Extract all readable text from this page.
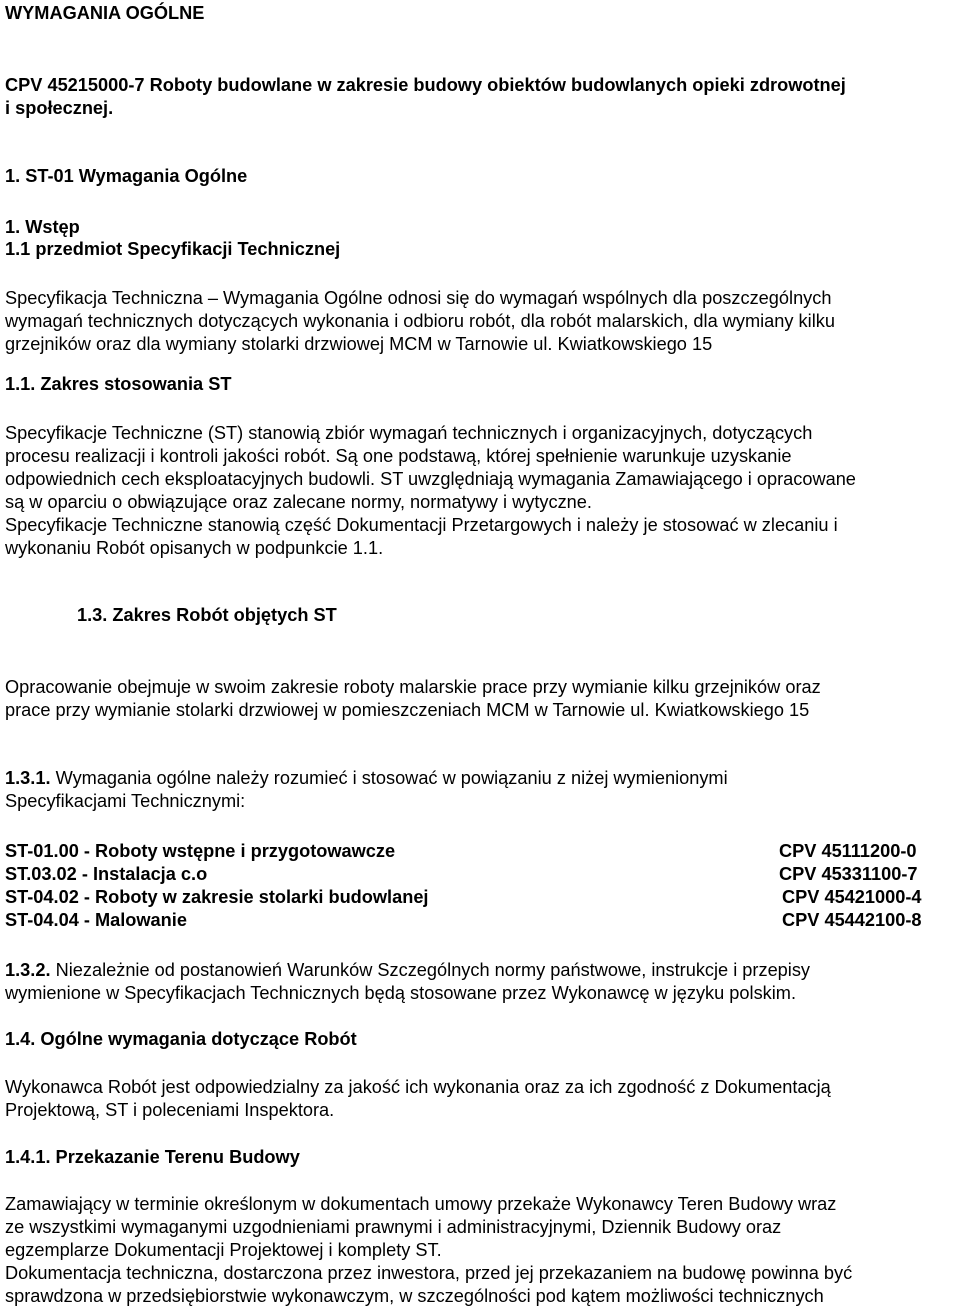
WYMAGANIA OGÓLNE

CPV 45215000-7 Roboty budowlane w zakresie budowy obiektów budowlanych opieki zdrowotnej

i społecznej.

1. ST-01 Wymagania Ogólne

1. Wstęp

1.1 przedmiot Specyfikacji Technicznej

Specyfikacja Techniczna – Wymagania Ogólne odnosi się do wymagań wspólnych dla poszczególnych

wymagań technicznych dotyczących wykonania i odbioru robót, dla robót malarskich, dla wymiany kilku

grzejników oraz dla wymiany stolarki drzwiowej MCM w Tarnowie ul. Kwiatkowskiego 15

1.1. Zakres stosowania ST

Specyfikacje Techniczne (ST) stanowią zbiór wymagań technicznych i organizacyjnych, dotyczących

procesu realizacji i kontroli jakości robót. Są one podstawą, której spełnienie warunkuje uzyskanie

odpowiednich cech eksploatacyjnych budowli. ST uwzględniają wymagania Zamawiającego i opracowane

są w oparciu o obwiązujące oraz zalecane normy, normatywy i wytyczne.

Specyfikacje Techniczne stanowią część Dokumentacji Przetargowych i należy je stosować w zlecaniu i

wykonaniu Robót opisanych w podpunkcie 1.1.

1.3. Zakres Robót objętych ST

Opracowanie obejmuje w swoim zakresie roboty malarskie prace przy wymianie kilku grzejników oraz

prace przy wymianie stolarki drzwiowej w pomieszczeniach MCM w Tarnowie ul. Kwiatkowskiego 15

1.3.1. Wymagania ogólne należy rozumieć i stosować w powiązaniu z niżej wymienionymi

Specyfikacjami Technicznymi:

ST-01.00 - Roboty wstępne i przygotowawcze	CPV 45111200-0

ST.03.02 - Instalacja c.o	CPV 45331100-7

ST-04.02 - Roboty w zakresie stolarki budowlanej	CPV 45421000-4

ST-04.04 - Malowanie	CPV 45442100-8

1.3.2. Niezależnie od postanowień Warunków Szczególnych normy państwowe, instrukcje i przepisy

wymienione w Specyfikacjach Technicznych będą stosowane przez Wykonawcę w języku polskim.

1.4. Ogólne wymagania dotyczące Robót

Wykonawca Robót jest odpowiedzialny za jakość ich wykonania oraz za ich zgodność z Dokumentacją

Projektową, ST i poleceniami Inspektora.

1.4.1. Przekazanie Terenu Budowy

Zamawiający w terminie określonym w dokumentach umowy przekaże Wykonawcy Teren Budowy wraz

ze wszystkimi wymaganymi uzgodnieniami prawnymi i administracyjnymi, Dziennik Budowy oraz

egzemplarze Dokumentacji Projektowej i komplety ST.

Dokumentacja techniczna, dostarczona przez inwestora, przed jej przekazaniem na budowę powinna być

sprawdzona w przedsiębiorstwie wykonawczym, w szczególności pod kątem możliwości technicznych
